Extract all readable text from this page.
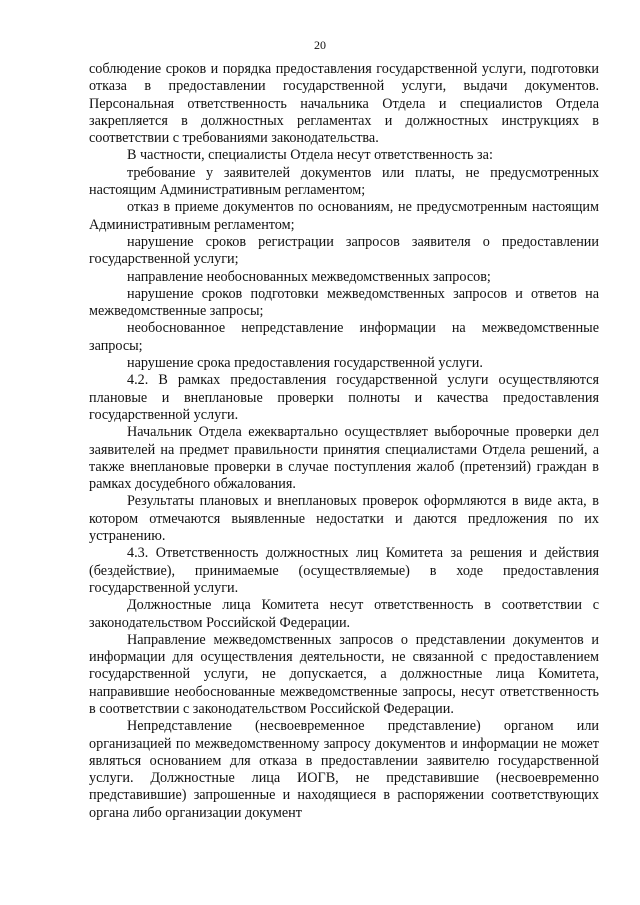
20

соблюдение сроков и порядка предоставления государственной услуги, подготовки отказа в предоставлении государственной услуги, выдачи документов. Персональная ответственность начальника Отдела и специалистов Отдела закрепляется в должностных регламентах и должностных инструкциях в соответствии с требованиями законодательства.

В частности, специалисты Отдела несут ответственность за:

требование у заявителей документов или платы, не предусмотренных настоящим Административным регламентом;

отказ в приеме документов по основаниям, не предусмотренным настоящим Административным регламентом;

нарушение сроков регистрации запросов заявителя о предоставлении государственной услуги;

направление необоснованных межведомственных запросов;

нарушение сроков подготовки межведомственных запросов и ответов на межведомственные запросы;

необоснованное непредставление информации на межведомственные запросы;

нарушение срока предоставления государственной услуги.

4.2. В рамках предоставления государственной услуги осуществляются плановые и внеплановые проверки полноты и качества предоставления государственной услуги.

Начальник Отдела ежеквартально осуществляет выборочные проверки дел заявителей на предмет правильности принятия специалистами Отдела решений, а также внеплановые проверки в случае поступления жалоб (претензий) граждан в рамках досудебного обжалования.

Результаты плановых и внеплановых проверок оформляются в виде акта, в котором отмечаются выявленные недостатки и даются предложения по их устранению.

4.3. Ответственность должностных лиц Комитета за решения и действия (бездействие), принимаемые (осуществляемые) в ходе предоставления государственной услуги.

Должностные лица Комитета несут ответственность в соответствии с законодательством Российской Федерации.

Направление межведомственных запросов о представлении документов и информации для осуществления деятельности, не связанной с предоставлением государственной услуги, не допускается, а должностные лица Комитета, направившие необоснованные межведомственные запросы, несут ответственность в соответствии с законодательством Российской Федерации.

Непредставление (несвоевременное представление) органом или организацией по межведомственному запросу документов и информации не может являться основанием для отказа в предоставлении заявителю государственной услуги. Должностные лица ИОГВ, не представившие (несвоевременно представившие) запрошенные и находящиеся в распоряжении соответствующих органа либо организации документ
